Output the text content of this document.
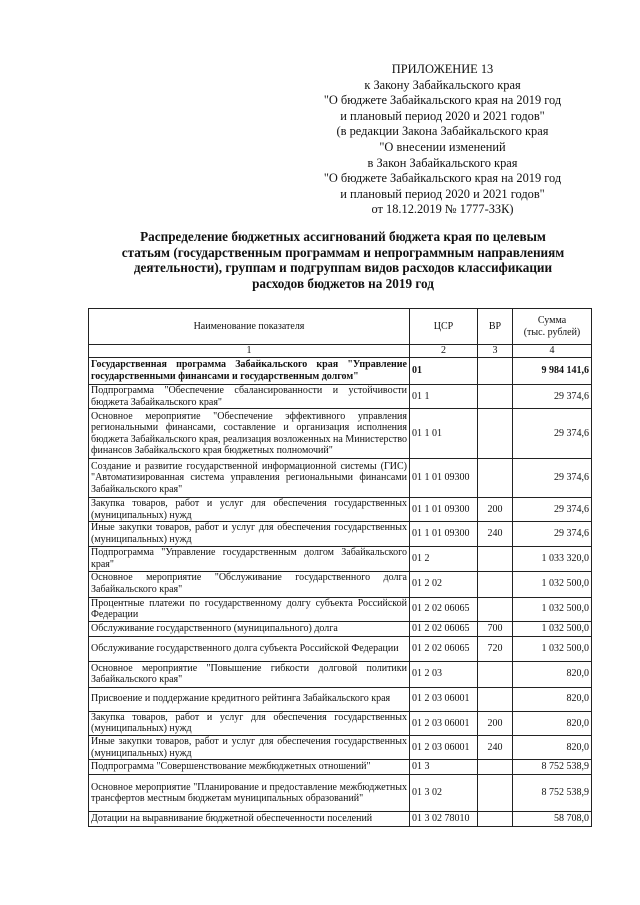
ПРИЛОЖЕНИЕ 13
к Закону Забайкальского края
"О бюджете Забайкальского края на 2019 год
и плановый период 2020 и 2021 годов"
(в редакции Закона Забайкальского края
"О внесении изменений
в Закон Забайкальского края
"О бюджете Забайкальского края на 2019 год
и плановый период 2020 и 2021 годов"
от 18.12.2019 № 1777-ЗЗК)
Распределение бюджетных ассигнований бюджета края по целевым
статьям (государственным программам и непрограммным направлениям
деятельности), группам и подгруппам видов расходов классификации
расходов бюджетов на 2019 год
Наименование показателя	ЦСР	ВР	Сумма
(тыс. рублей)

1	2	3	4
Государственная программа Забайкальского края "Управление государственными финансами и государственным долгом"	01		9 984 141,6
Подпрограмма "Обеспечение сбалансированности и устойчивости бюджета Забайкальского края"	01 1		29 374,6
Основное мероприятие "Обеспечение эффективного управления региональными финансами, составление и организация исполнения бюджета Забайкальского края, реализация возложенных на Министерство финансов Забайкальского края бюджетных полномочий"	01 1 01		29 374,6
Создание и развитие государственной информационной системы (ГИС) "Автоматизированная система управления региональными финансами Забайкальского края"	01 1 01 09300		29 374,6
Закупка товаров, работ и услуг для обеспечения государственных (муниципальных) нужд	01 1 01 09300	200	29 374,6
Иные закупки товаров, работ и услуг для обеспечения государственных (муниципальных) нужд	01 1 01 09300	240	29 374,6
Подпрограмма "Управление государственным долгом Забайкальского края"	01 2		1 033 320,0
Основное мероприятие "Обслуживание государственного долга Забайкальского края"	01 2 02		1 032 500,0
Процентные платежи по государственному долгу субъекта Российской Федерации	01 2 02 06065		1 032 500,0
Обслуживание государственного (муниципального) долга	01 2 02 06065	700	1 032 500,0
Обслуживание государственного долга субъекта Российской Федерации	01 2 02 06065	720	1 032 500,0
Основное мероприятие "Повышение гибкости долговой политики Забайкальского края"	01 2 03		820,0
Присвоение и поддержание кредитного рейтинга Забайкальского края	01 2 03 06001		820,0
Закупка товаров, работ и услуг для обеспечения государственных (муниципальных) нужд	01 2 03 06001	200	820,0
Иные закупки товаров, работ и услуг для обеспечения государственных (муниципальных) нужд	01 2 03 06001	240	820,0
Подпрограмма "Совершенствование межбюджетных отношений"	01 3		8 752 538,9
Основное мероприятие "Планирование и предоставление межбюджетных трансфертов местным бюджетам муниципальных образований"	01 3 02		8 752 538,9
Дотации на выравнивание бюджетной обеспеченности поселений	01 3 02 78010		58 708,0
